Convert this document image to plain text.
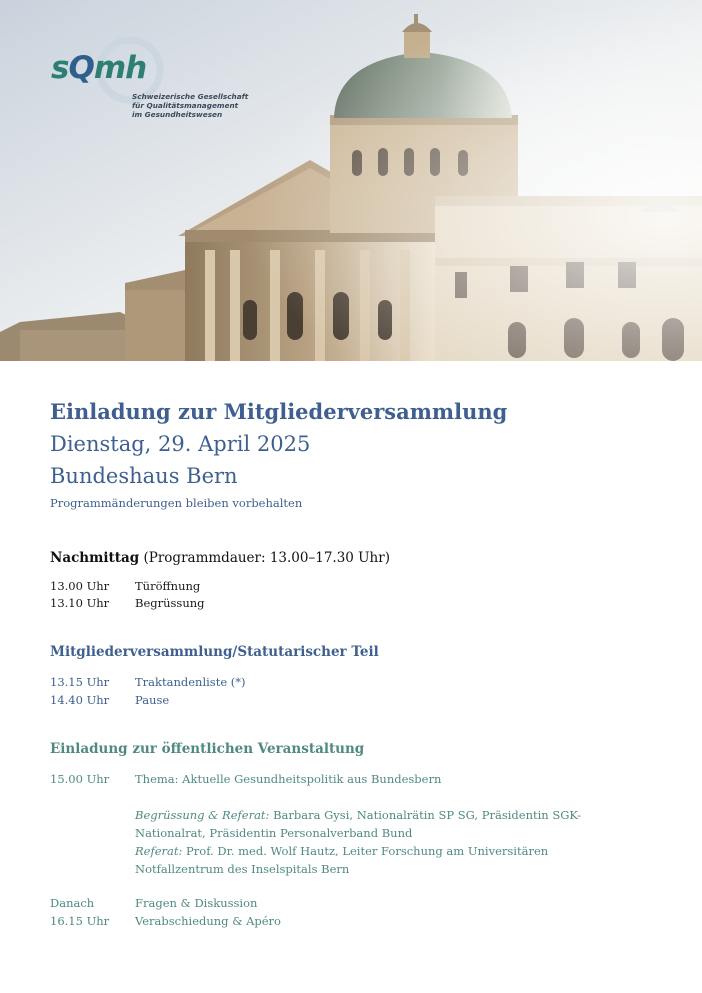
sQmh
Schweizerische Gesellschaft
für Qualitätsmanagement
im Gesundheitswesen
Einladung zur Mitgliederversammlung
Dienstag, 29. April 2025
Bundeshaus Bern
Programmänderungen bleiben vorbehalten
Nachmittag (Programmdauer: 13.00–17.30 Uhr)
13.00 Uhr Türöffnung
13.10 Uhr Begrüssung
Mitgliederversammlung/Statutarischer Teil
13.15 Uhr Traktandenliste (*)
14.40 Uhr Pause
Einladung zur öffentlichen Veranstaltung
15.00 Uhr Thema: Aktuelle Gesundheitspolitik aus Bundesbern
Begrüssung & Referat: Barbara Gysi, Nationalrätin SP SG, Präsidentin SGK-Nationalrat, Präsidentin Personalverband Bund
Referat: Prof. Dr. med. Wolf Hautz, Leiter Forschung am Universitären Notfallzentrum des Inselspitals Bern
Danach	Fragen & Diskussion
16.15 Uhr Verabschiedung & Apéro
